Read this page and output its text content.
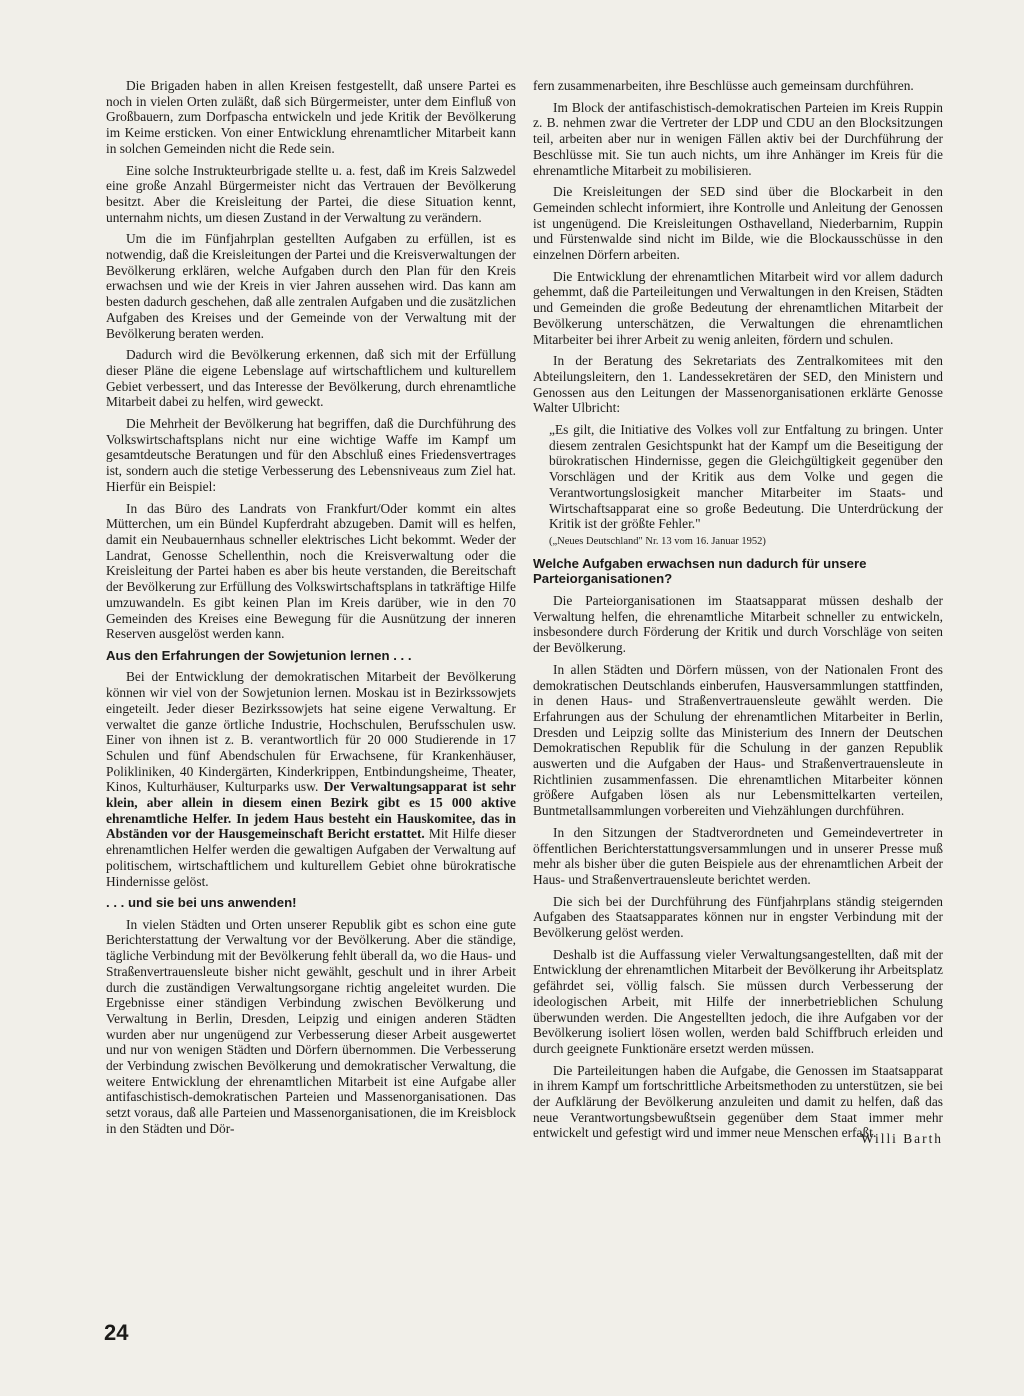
Die Brigaden haben in allen Kreisen festgestellt, daß unsere Partei es noch in vielen Orten zuläßt, daß sich Bürgermeister, unter dem Einfluß von Großbauern, zum Dorfpascha entwickeln und jede Kritik der Bevölkerung im Keime ersticken. Von einer Entwicklung ehrenamtlicher Mitarbeit kann in solchen Gemeinden nicht die Rede sein.

Eine solche Instrukteurbrigade stellte u. a. fest, daß im Kreis Salzwedel eine große Anzahl Bürgermeister nicht das Vertrauen der Bevölkerung besitzt. Aber die Kreisleitung der Partei, die diese Situation kennt, unternahm nichts, um diesen Zustand in der Verwaltung zu verändern.

Um die im Fünfjahrplan gestellten Aufgaben zu erfüllen, ist es notwendig, daß die Kreisleitungen der Partei und die Kreisverwaltungen der Bevölkerung erklären, welche Aufgaben durch den Plan für den Kreis erwachsen und wie der Kreis in vier Jahren aussehen wird. Das kann am besten dadurch geschehen, daß alle zentralen Aufgaben und die zusätzlichen Aufgaben des Kreises und der Gemeinde von der Verwaltung mit der Bevölkerung beraten werden.

Dadurch wird die Bevölkerung erkennen, daß sich mit der Erfüllung dieser Pläne die eigene Lebenslage auf wirtschaftlichem und kulturellem Gebiet verbessert, und das Interesse der Bevölkerung, durch ehrenamtliche Mitarbeit dabei zu helfen, wird geweckt.

Die Mehrheit der Bevölkerung hat begriffen, daß die Durchführung des Volkswirtschaftsplans nicht nur eine wichtige Waffe im Kampf um gesamtdeutsche Beratungen und für den Abschluß eines Friedensvertrages ist, sondern auch die stetige Verbesserung des Lebensniveaus zum Ziel hat. Hierfür ein Beispiel:

In das Büro des Landrats von Frankfurt/Oder kommt ein altes Mütterchen, um ein Bündel Kupferdraht abzugeben. Damit will es helfen, damit ein Neubauernhaus schneller elektrisches Licht bekommt. Weder der Landrat, Genosse Schellenthin, noch die Kreisverwaltung oder die Kreisleitung der Partei haben es aber bis heute verstanden, die Bereitschaft der Bevölkerung zur Erfüllung des Volkswirtschaftsplans in tatkräftige Hilfe umzuwandeln. Es gibt keinen Plan im Kreis darüber, wie in den 70 Gemeinden des Kreises eine Bewegung für die Ausnützung der inneren Reserven ausgelöst werden kann.

Aus den Erfahrungen der Sowjetunion lernen . . .

Bei der Entwicklung der demokratischen Mitarbeit der Bevölkerung können wir viel von der Sowjetunion lernen. Moskau ist in Bezirkssowjets eingeteilt. Jeder dieser Bezirkssowjets hat seine eigene Verwaltung. Er verwaltet die ganze örtliche Industrie, Hochschulen, Berufsschulen usw. Einer von ihnen ist z. B. verantwortlich für 20 000 Studierende in 17 Schulen und fünf Abendschulen für Erwachsene, für Krankenhäuser, Polikliniken, 40 Kindergärten, Kinderkrippen, Entbindungsheime, Theater, Kinos, Kulturhäuser, Kulturparks usw. Der Verwaltungsapparat ist sehr klein, aber allein in diesem einen Bezirk gibt es 15 000 aktive ehrenamtliche Helfer. In jedem Haus besteht ein Hauskomitee, das in Abständen vor der Hausgemeinschaft Bericht erstattet. Mit Hilfe dieser ehrenamtlichen Helfer werden die gewaltigen Aufgaben der Verwaltung auf politischem, wirtschaftlichem und kulturellem Gebiet ohne bürokratische Hindernisse gelöst.

. . . und sie bei uns anwenden!

In vielen Städten und Orten unserer Republik gibt es schon eine gute Berichterstattung der Verwaltung vor der Bevölkerung. Aber die ständige, tägliche Verbindung mit der Bevölkerung fehlt überall da, wo die Haus- und Straßenvertrauensleute bisher nicht gewählt, geschult und in ihrer Arbeit durch die zuständigen Verwaltungsorgane richtig angeleitet wurden. Die Ergebnisse einer ständigen Verbindung zwischen Bevölkerung und Verwaltung in Berlin, Dresden, Leipzig und einigen anderen Städten wurden aber nur ungenügend zur Verbesserung dieser Arbeit ausgewertet und nur von wenigen Städten und Dörfern übernommen. Die Verbesserung der Verbindung zwischen Bevölkerung und demokratischer Verwaltung, die weitere Entwicklung der ehrenamtlichen Mitarbeit ist eine Aufgabe aller antifaschistisch-demokratischen Parteien und Massenorganisationen. Das setzt voraus, daß alle Parteien und Massenorganisationen, die im Kreisblock in den Städten und Dör-

fern zusammenarbeiten, ihre Beschlüsse auch gemeinsam durchführen.

Im Block der antifaschistisch-demokratischen Parteien im Kreis Ruppin z. B. nehmen zwar die Vertreter der LDP und CDU an den Blocksitzungen teil, arbeiten aber nur in wenigen Fällen aktiv bei der Durchführung der Beschlüsse mit. Sie tun auch nichts, um ihre Anhänger im Kreis für die ehrenamtliche Mitarbeit zu mobilisieren.

Die Kreisleitungen der SED sind über die Blockarbeit in den Gemeinden schlecht informiert, ihre Kontrolle und Anleitung der Genossen ist ungenügend. Die Kreisleitungen Osthavelland, Niederbarnim, Ruppin und Fürstenwalde sind nicht im Bilde, wie die Blockausschüsse in den einzelnen Dörfern arbeiten.

Die Entwicklung der ehrenamtlichen Mitarbeit wird vor allem dadurch gehemmt, daß die Parteileitungen und Verwaltungen in den Kreisen, Städten und Gemeinden die große Bedeutung der ehrenamtlichen Mitarbeit der Bevölkerung unterschätzen, die Verwaltungen die ehrenamtlichen Mitarbeiter bei ihrer Arbeit zu wenig anleiten, fördern und schulen.

In der Beratung des Sekretariats des Zentralkomitees mit den Abteilungsleitern, den 1. Landessekretären der SED, den Ministern und Genossen aus den Leitungen der Massenorganisationen erklärte Genosse Walter Ulbricht:

„Es gilt, die Initiative des Volkes voll zur Entfaltung zu bringen. Unter diesem zentralen Gesichtspunkt hat der Kampf um die Beseitigung der bürokratischen Hindernisse, gegen die Gleichgültigkeit gegenüber den Vorschlägen und der Kritik aus dem Volke und gegen die Verantwortungslosigkeit mancher Mitarbeiter im Staats- und Wirtschaftsapparat eine so große Bedeutung. Die Unterdrückung der Kritik ist der größte Fehler."

(„Neues Deutschland" Nr. 13 vom 16. Januar 1952)

Welche Aufgaben erwachsen nun dadurch für unsere Parteiorganisationen?

Die Parteiorganisationen im Staatsapparat müssen deshalb der Verwaltung helfen, die ehrenamtliche Mitarbeit schneller zu entwickeln, insbesondere durch Förderung der Kritik und durch Vorschläge von seiten der Bevölkerung.

In allen Städten und Dörfern müssen, von der Nationalen Front des demokratischen Deutschlands einberufen, Hausversammlungen stattfinden, in denen Haus- und Straßenvertrauensleute gewählt werden. Die Erfahrungen aus der Schulung der ehrenamtlichen Mitarbeiter in Berlin, Dresden und Leipzig sollte das Ministerium des Innern der Deutschen Demokratischen Republik für die Schulung in der ganzen Republik auswerten und die Aufgaben der Haus- und Straßenvertrauensleute in Richtlinien zusammenfassen. Die ehrenamtlichen Mitarbeiter können größere Aufgaben lösen als nur Lebensmittelkarten verteilen, Buntmetallsammlungen vorbereiten und Viehzählungen durchführen.

In den Sitzungen der Stadtverordneten und Gemeindevertreter in öffentlichen Berichterstattungsversammlungen und in unserer Presse muß mehr als bisher über die guten Beispiele aus der ehrenamtlichen Arbeit der Haus- und Straßenvertrauensleute berichtet werden.

Die sich bei der Durchführung des Fünfjahrplans ständig steigernden Aufgaben des Staatsapparates können nur in engster Verbindung mit der Bevölkerung gelöst werden.

Deshalb ist die Auffassung vieler Verwaltungsangestellten, daß mit der Entwicklung der ehrenamtlichen Mitarbeit der Bevölkerung ihr Arbeitsplatz gefährdet sei, völlig falsch. Sie müssen durch Verbesserung der ideologischen Arbeit, mit Hilfe der innerbetrieblichen Schulung überwunden werden. Die Angestellten jedoch, die ihre Aufgaben vor der Bevölkerung isoliert lösen wollen, werden bald Schiffbruch erleiden und durch geeignete Funktionäre ersetzt werden müssen.

Die Parteileitungen haben die Aufgabe, die Genossen im Staatsapparat in ihrem Kampf um fortschrittliche Arbeitsmethoden zu unterstützen, sie bei der Aufklärung der Bevölkerung anzuleiten und damit zu helfen, daß das neue Verantwortungsbewußtsein gegenüber dem Staat immer mehr entwickelt und gefestigt wird und immer neue Menschen erfaßt.

Willi Barth

24
